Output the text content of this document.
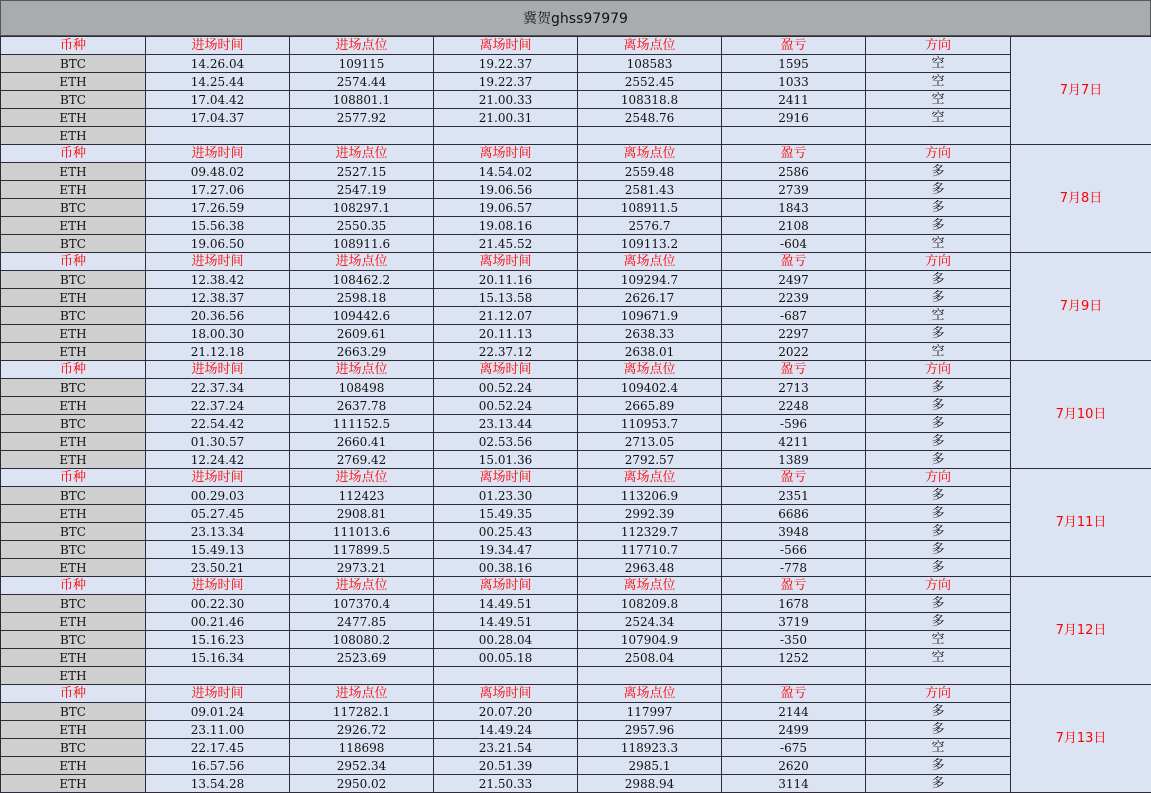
冀贺ghss97979
币种	进场时间	进场点位	离场时间	离场点位	盈亏	方向	7月7日
BTC	14.26.04	109115	19.22.37	108583	1595	空	
ETH	14.25.44	2574.44	19.22.37	2552.45	1033	空	
BTC	17.04.42	108801.1	21.00.33	108318.8	2411	空	
ETH	17.04.37	2577.92	21.00.31	2548.76	2916	空	
ETH							
币种	进场时间	进场点位	离场时间	离场点位	盈亏	方向	7月8日
ETH	09.48.02	2527.15	14.54.02	2559.48	2586	多	
ETH	17.27.06	2547.19	19.06.56	2581.43	2739	多	
BTC	17.26.59	108297.1	19.06.57	108911.5	1843	多	
ETH	15.56.38	2550.35	19.08.16	2576.7	2108	多	
BTC	19.06.50	108911.6	21.45.52	109113.2	-604	空	
币种	进场时间	进场点位	离场时间	离场点位	盈亏	方向	7月9日
BTC	12.38.42	108462.2	20.11.16	109294.7	2497	多	
ETH	12.38.37	2598.18	15.13.58	2626.17	2239	多	
BTC	20.36.56	109442.6	21.12.07	109671.9	-687	空	
ETH	18.00.30	2609.61	20.11.13	2638.33	2297	多	
ETH	21.12.18	2663.29	22.37.12	2638.01	2022	空	
币种	进场时间	进场点位	离场时间	离场点位	盈亏	方向	7月10日
BTC	22.37.34	108498	00.52.24	109402.4	2713	多	
ETH	22.37.24	2637.78	00.52.24	2665.89	2248	多	
BTC	22.54.42	111152.5	23.13.44	110953.7	-596	多	
ETH	01.30.57	2660.41	02.53.56	2713.05	4211	多	
ETH	12.24.42	2769.42	15.01.36	2792.57	1389	多	
币种	进场时间	进场点位	离场时间	离场点位	盈亏	方向	7月11日
BTC	00.29.03	112423	01.23.30	113206.9	2351	多	
ETH	05.27.45	2908.81	15.49.35	2992.39	6686	多	
BTC	23.13.34	111013.6	00.25.43	112329.7	3948	多	
BTC	15.49.13	117899.5	19.34.47	117710.7	-566	多	
ETH	23.50.21	2973.21	00.38.16	2963.48	-778	多	
币种	进场时间	进场点位	离场时间	离场点位	盈亏	方向	7月12日
BTC	00.22.30	107370.4	14.49.51	108209.8	1678	多	
ETH	00.21.46	2477.85	14.49.51	2524.34	3719	多	
BTC	15.16.23	108080.2	00.28.04	107904.9	-350	空	
ETH	15.16.34	2523.69	00.05.18	2508.04	1252	空	
ETH							
币种	进场时间	进场点位	离场时间	离场点位	盈亏	方向	7月13日
BTC	09.01.24	117282.1	20.07.20	117997	2144	多	
ETH	23.11.00	2926.72	14.49.24	2957.96	2499	多	
BTC	22.17.45	118698	23.21.54	118923.3	-675	空	
ETH	16.57.56	2952.34	20.51.39	2985.1	2620	多	
ETH	13.54.28	2950.02	21.50.33	2988.94	3114	多	
